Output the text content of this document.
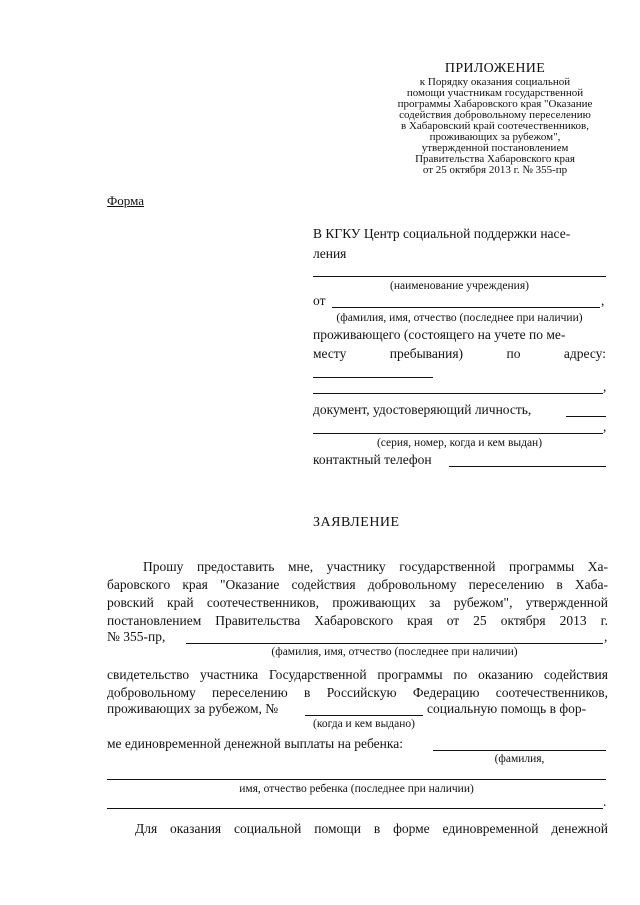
ПРИЛОЖЕНИЕ
к Порядку оказания социальной
помощи участникам государственной
программы Хабаровского края "Оказание
содействия добровольному переселению
в Хабаровский край соотечественников,
проживающих за рубежом",
утвержденной постановлением
Правительства Хабаровского края
от 25 октября 2013 г. № 355-пр
Форма
В КГКУ Центр социальной поддержки насе-
ления
(наименование учреждения)
от	,
(фамилия, имя, отчество (последнее при наличии)
проживающего (состоящего на учете по ме-
месту	пребывания)	по	адресу:
,
документ, удостоверяющий личность,
,
(серия, номер, когда и кем выдан)
контактный телефон
ЗАЯВЛЕНИЕ
Прошу предоставить мне, участнику государственной программы Ха-
баровского края "Оказание содействия добровольному переселению в Хаба-
ровский край соотечественников, проживающих за рубежом", утвержденной
постановлением Правительства Хабаровского края от 25 октября 2013 г.
№ 355-пр,	,
(фамилия, имя, отчество (последнее при наличии)
свидетельство участника Государственной программы по оказанию содействия
добровольному переселению в Российскую Федерацию соотечественников,
проживающих за рубежом, №	социальную помощь в фор-
(когда и кем выдано)
ме единовременной денежной выплаты на ребенка:
(фамилия,
имя, отчество ребенка (последнее при наличии)
.
Для оказания социальной помощи в форме единовременной денежной
